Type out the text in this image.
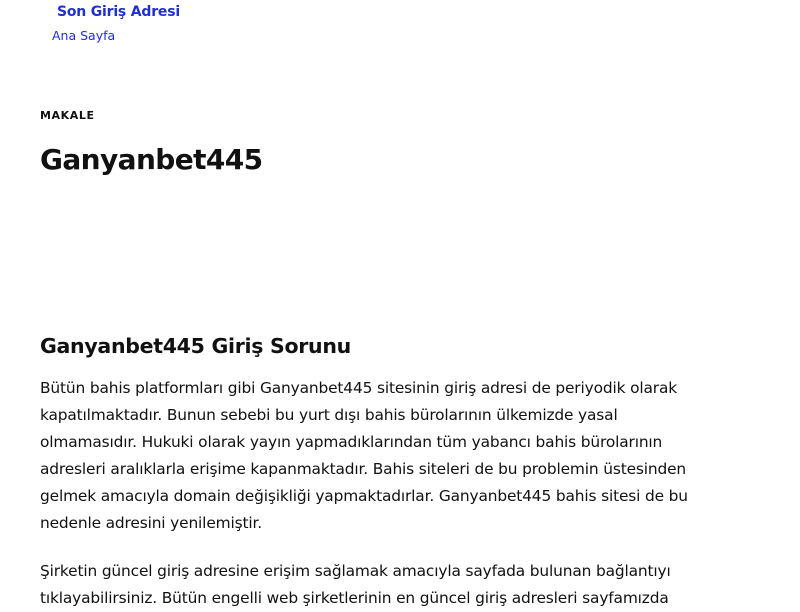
Son Giriş Adresi
Ana Sayfa
MAKALE
Ganyanbet445
Ganyanbet445 Giriş Sorunu

Bütün bahis platformları gibi Ganyanbet445 sitesinin giriş adresi de periyodik olarak kapatılmaktadır. Bunun sebebi bu yurt dışı bahis bürolarının ülkemizde yasal olmamasıdır. Hukuki olarak yayın yapmadıklarından tüm yabancı bahis bürolarının adresleri aralıklarla erişime kapanmaktadır. Bahis siteleri de bu problemin üstesinden gelmek amacıyla domain değişikliği yapmaktadırlar. Ganyanbet445 bahis sitesi de bu nedenle adresini yenilemiştir.

Şirketin güncel giriş adresine erişim sağlamak amacıyla sayfada bulunan bağlantıyı tıklayabilirsiniz. Bütün engelli web şirketlerinin en güncel giriş adresleri sayfamızda
